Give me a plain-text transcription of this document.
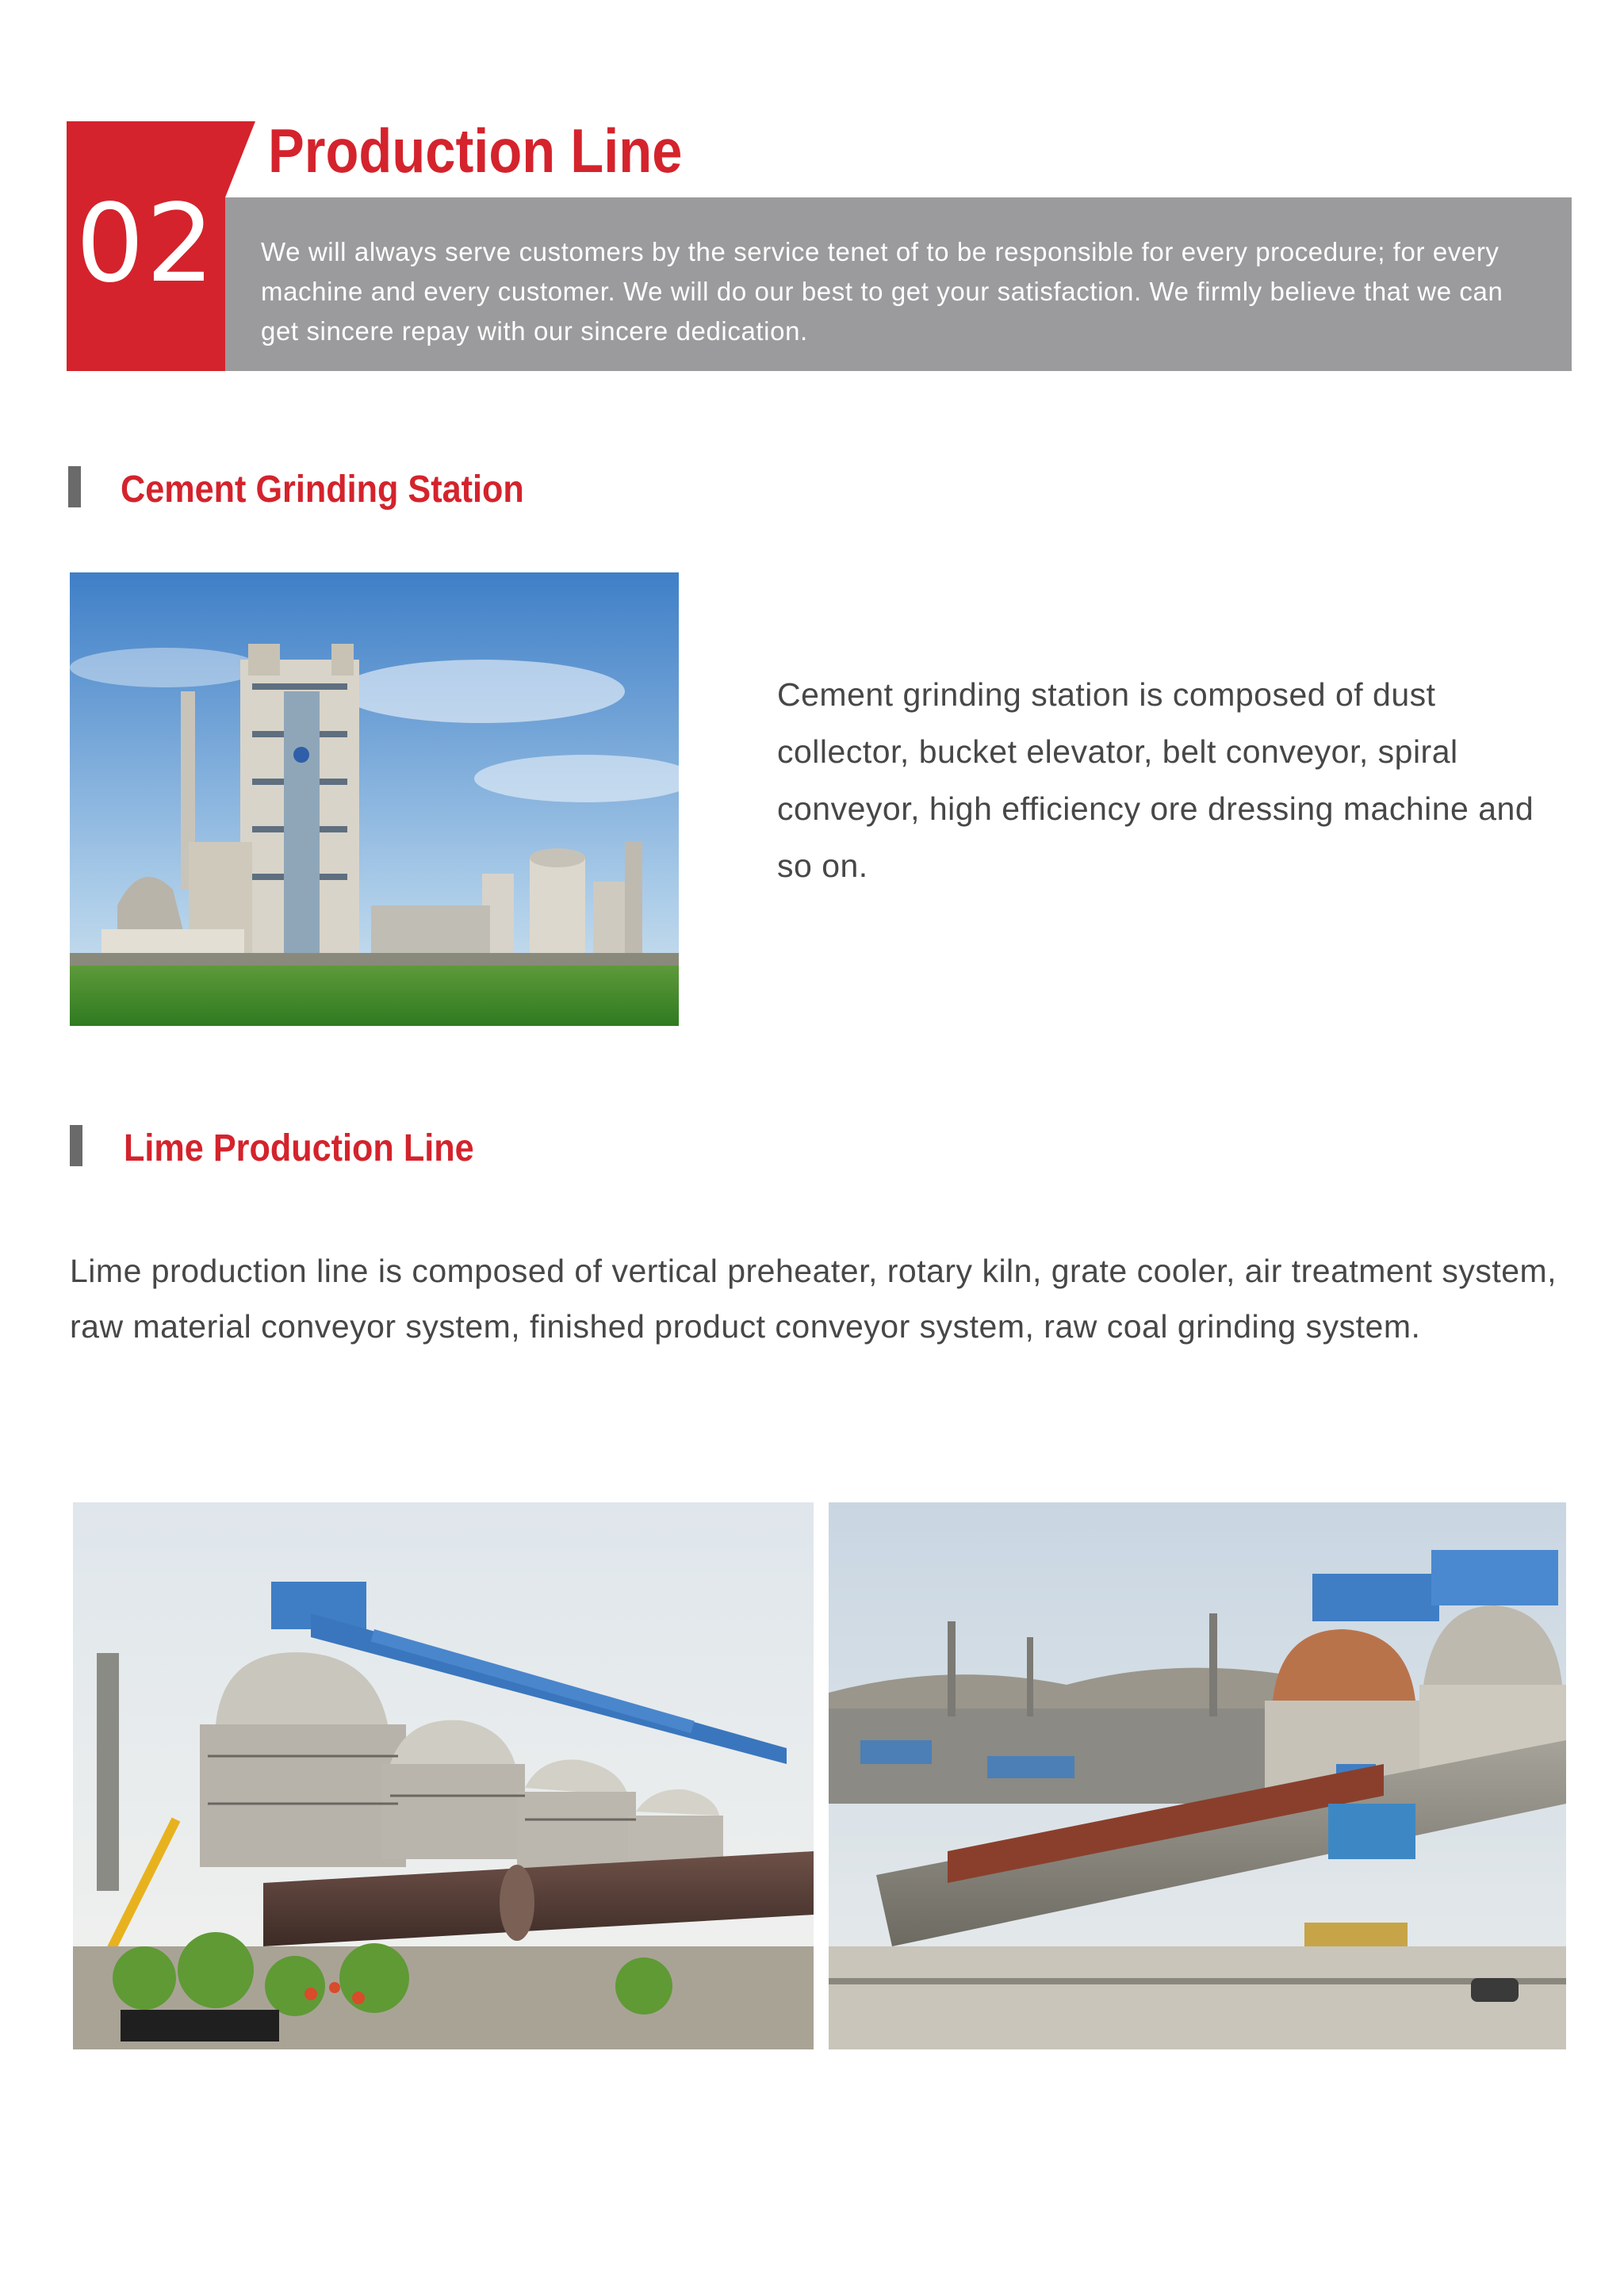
02
Production Line

We will always serve customers by the service tenet of to be responsible for every procedure; for every machine and every customer. We will do our best to get your satisfaction. We firmly believe that we can get sincere repay with our sincere dedication.

Cement Grinding Station

Cement grinding station is composed of dust collector, bucket elevator, belt conveyor, spiral conveyor, high efficiency ore dressing machine and so on.

Lime Production Line

Lime production line is composed of vertical preheater, rotary kiln, grate cooler, air treatment system, raw material conveyor system, finished product conveyor system, raw coal grinding system.
